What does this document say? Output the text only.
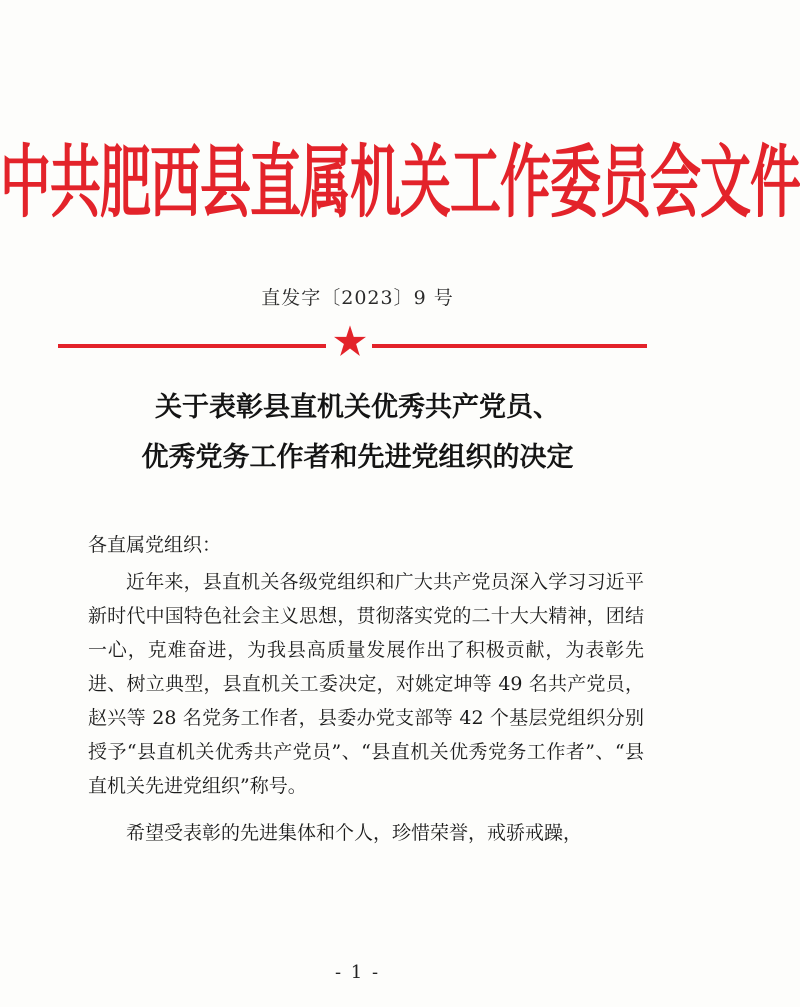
中共肥西县直属机关工作委员会文件
直发字〔2023〕9 号
关于表彰县直机关优秀共产党员、
优秀党务工作者和先进党组织的决定
各直属党组织：

近年来，县直机关各级党组织和广大共产党员深入学习习近平新时代中国特色社会主义思想，贯彻落实党的二十大大精神，团结一心，克难奋进，为我县高质量发展作出了积极贡献，为表彰先进、树立典型，县直机关工委决定，对姚定坤等 49 名共产党员，赵兴等 28 名党务工作者，县委办党支部等 42 个基层党组织分别授予“县直机关优秀共产党员”、“县直机关优秀党务工作者”、“县直机关先进党组织”称号。

希望受表彰的先进集体和个人，珍惜荣誉，戒骄戒躁，

- 1 -
